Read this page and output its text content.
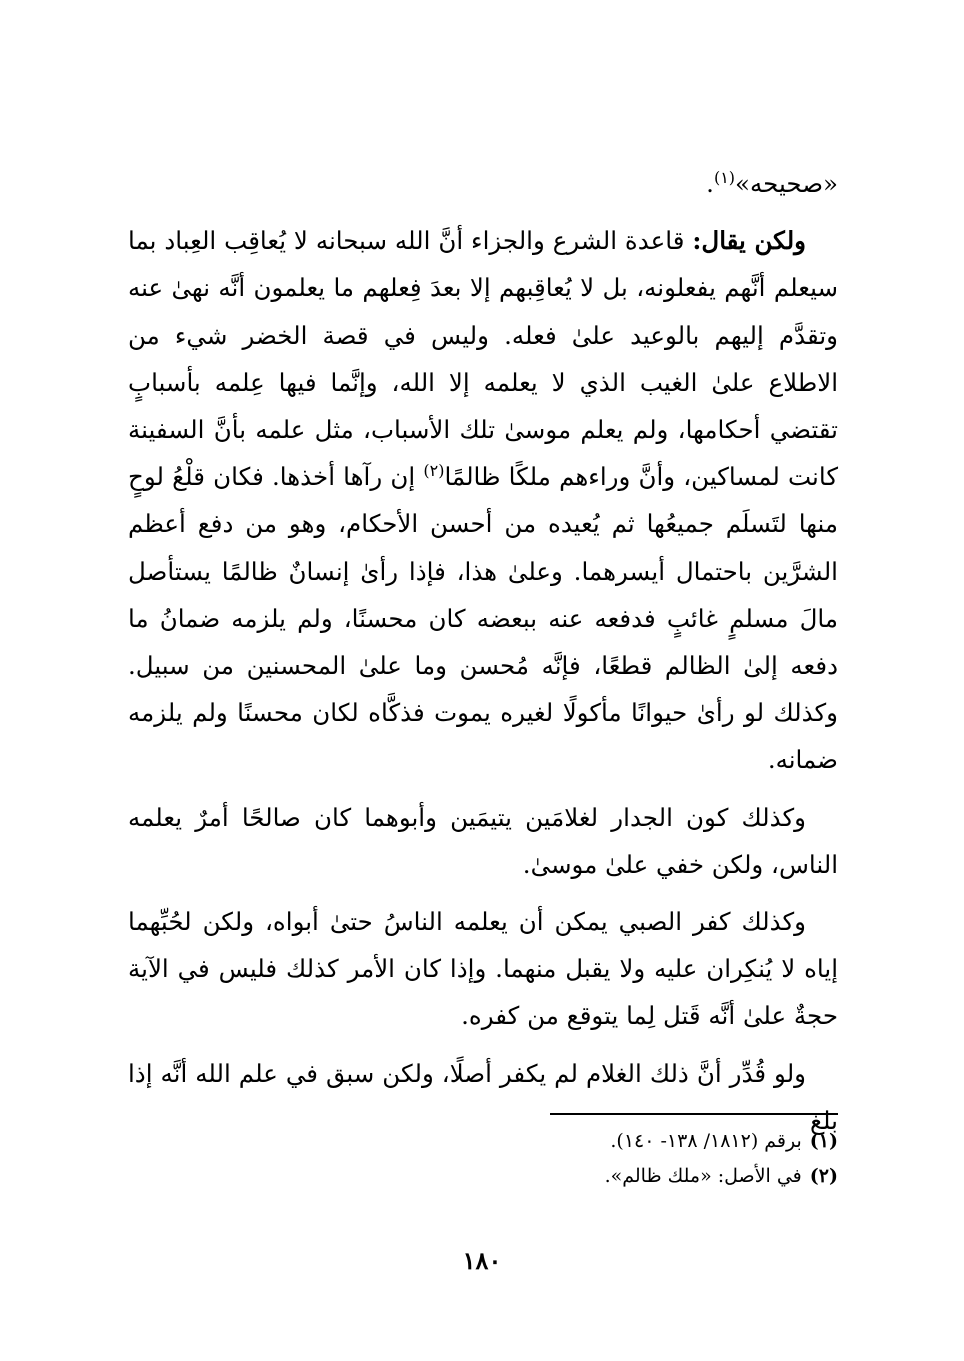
«صحيحه»$^{(١)}$.

ولكن يقال: قاعدة الشرع والجزاء أنَّ الله سبحانه لا يُعاقِب العِباد بما سيعلم أنَّهم يفعلونه، بل لا يُعاقِبهم إلا بعدَ فِعلهم ما يعلمون أنَّه نهىٰ عنه وتقدَّم إليهم بالوعيد علىٰ فعله. وليس في قصة الخضر شيء من الاطلاع علىٰ الغيب الذي لا يعلمه إلا الله، وإنَّما فيها عِلمه بأسبابٍ تقتضي أحكامها، ولم يعلم موسىٰ تلك الأسباب، مثل علمه بأنَّ السفينة كانت لمساكين، وأنَّ وراءهم ملكًا ظالمًا$^{(٢)}$ إن رآها أخذها. فكان قلْعُ لوحٍ منها لتَسلَم جميعُها ثم يُعيده من أحسن الأحكام، وهو من دفع أعظم الشرَّين باحتمال أيسرهما. وعلىٰ هذا، فإذا رأىٰ إنسانٌ ظالمًا يستأصل مالَ مسلمٍ غائبٍ فدفعه عنه ببعضه كان محسنًا، ولم يلزمه ضمانُ ما دفعه إلىٰ الظالم قطعًا، فإنَّه مُحسن وما علىٰ المحسنين من سبيل. وكذلك لو رأىٰ حيوانًا مأكولًا لغيره يموت فذكَّاه لكان محسنًا ولم يلزمه ضمانه.

وكذلك كون الجدار لغلامَين يتيمَين وأبوهما كان صالحًا أمرٌ يعلمه الناس، ولكن خفي علىٰ موسىٰ.

وكذلك كفر الصبي يمكن أن يعلمه الناسُ حتىٰ أبواه، ولكن لحُبِّهما إياه لا يُنكِران عليه ولا يقبل منهما. وإذا كان الأمر كذلك فليس في الآية حجةٌ علىٰ أنَّه قَتل لِما يتوقع من كفره.

ولو قُدِّر أنَّ ذلك الغلام لم يكفر أصلًا، ولكن سبق في علم الله أنَّه إذا بلغ

(١)برقم (١٨١٢/ ١٣٨- ١٤٠).

(٢)في الأصل: «ملك ظالم».

١٨٠
